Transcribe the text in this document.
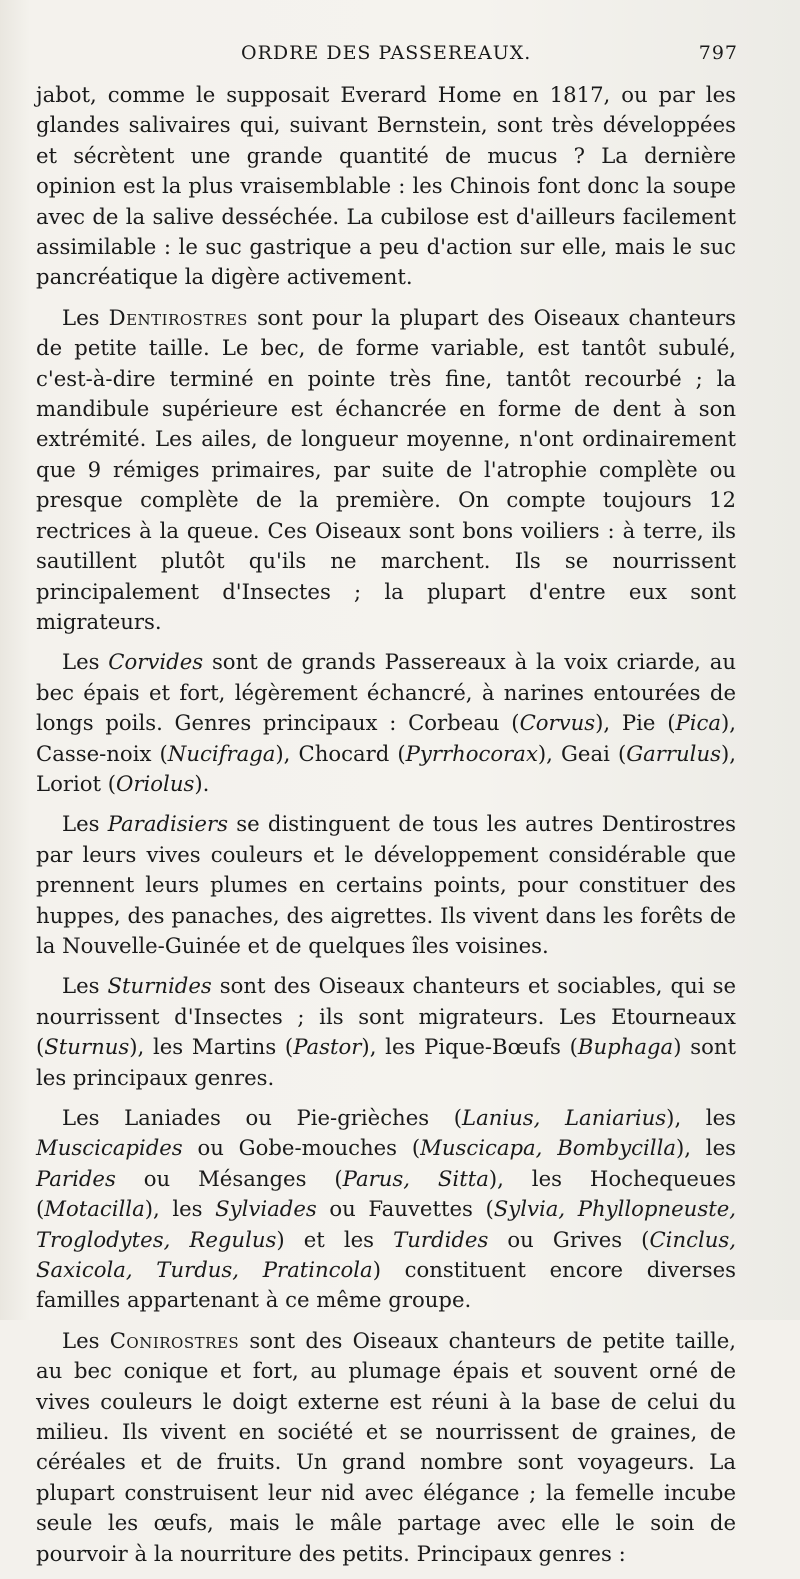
ORDRE DES PASSEREAUX.	797

jabot, comme le supposait Everard Home en 1817, ou par les glandes salivaires qui, suivant Bernstein, sont très développées et sécrètent une grande quantité de mucus ? La dernière opinion est la plus vraisemblable : les Chinois font donc la soupe avec de la salive desséchée. La cubilose est d'ailleurs facilement assimilable : le suc gastrique a peu d'action sur elle, mais le suc pancréatique la digère activement.

Les Dentirostres sont pour la plupart des Oiseaux chanteurs de petite taille. Le bec, de forme variable, est tantôt subulé, c'est-à-dire terminé en pointe très fine, tantôt recourbé ; la mandibule supérieure est échancrée en forme de dent à son extrémité. Les ailes, de longueur moyenne, n'ont ordinairement que 9 rémiges primaires, par suite de l'atrophie complète ou presque complète de la première. On compte toujours 12 rectrices à la queue. Ces Oiseaux sont bons voiliers : à terre, ils sautillent plutôt qu'ils ne marchent. Ils se nourrissent principalement d'Insectes ; la plupart d'entre eux sont migrateurs.

Les Corvides sont de grands Passereaux à la voix criarde, au bec épais et fort, légèrement échancré, à narines entourées de longs poils. Genres principaux : Corbeau (Corvus), Pie (Pica), Casse-noix (Nucifraga), Chocard (Pyrrhocorax), Geai (Garrulus), Loriot (Oriolus).

Les Paradisiers se distinguent de tous les autres Dentirostres par leurs vives couleurs et le développement considérable que prennent leurs plumes en certains points, pour constituer des huppes, des panaches, des aigrettes. Ils vivent dans les forêts de la Nouvelle-Guinée et de quelques îles voisines.

Les Sturnides sont des Oiseaux chanteurs et sociables, qui se nourrissent d'Insectes ; ils sont migrateurs. Les Etourneaux (Sturnus), les Martins (Pastor), les Pique-Bœufs (Buphaga) sont les principaux genres.

Les Laniades ou Pie-grièches (Lanius, Laniarius), les Muscicapides ou Gobe-mouches (Muscicapa, Bombycilla), les Parides ou Mésanges (Parus, Sitta), les Hochequeues (Motacilla), les Sylviades ou Fauvettes (Sylvia, Phyllopneuste, Troglodytes, Regulus) et les Turdides ou Grives (Cinclus, Saxicola, Turdus, Pratincola) constituent encore diverses familles appartenant à ce même groupe.

Les Conirostres sont des Oiseaux chanteurs de petite taille, au bec conique et fort, au plumage épais et souvent orné de vives couleurs le doigt externe est réuni à la base de celui du milieu. Ils vivent en société et se nourrissent de graines, de céréales et de fruits. Un grand nombre sont voyageurs. La plupart construisent leur nid avec élégance ; la femelle incube seule les œufs, mais le mâle partage avec elle le soin de pourvoir à la nourriture des petits. Principaux genres :
